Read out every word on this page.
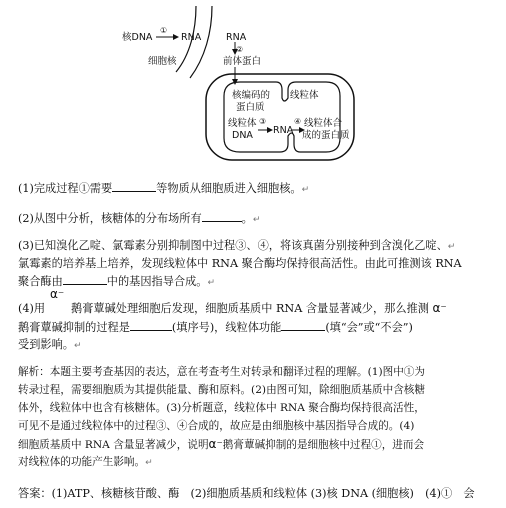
核DNA
①
RNA	RNA
②
细胞核	前体蛋白
核编码的
蛋白质
线粒体
线粒体
DNA
③
RNA
④ 线粒体合
成的蛋白质
(1)完成过程①需要	等物质从细胞质进入细胞核。↵
(2)从图中分析，核糖体的分布场所有	。↵
(3)已知溴化乙啶、氯霉素分别抑制图中过程③、④，将该真菌分别接种到含溴化乙啶、↵
氯霉素的培养基上培养，发现线粒体中 RNA 聚合酶均保持很高活性。由此可推测该 RNA
聚合酶由	中的基因指导合成。↵
α⁻
(4)用 鹅膏蕈碱处理细胞后发现，细胞质基质中 RNA 含量显著减少，那么推测 α⁻
鹅膏蕈碱抑制的过程是	(填序号)，线粒体功能	(填“会”或“不会”)
受到影响。↵
解析：本题主要考查基因的表达，意在考查考生对转录和翻译过程的理解。(1)图中①为
转录过程，需要细胞质为其提供能量、酶和原料。(2)由图可知，除细胞质基质中含核糖
体外，线粒体中也含有核糖体。(3)分析题意，线粒体中 RNA 聚合酶均保持很高活性，
可见不是通过线粒体中的过程③、④合成的，故应是由细胞核中基因指导合成的。(4)
细胞质基质中 RNA 含量显著减少，说明α⁻鹅膏蕈碱抑制的是细胞核中过程①，进而会
对线粒体的功能产生影响。↵
答案：(1)ATP、核糖核苷酸、酶　(2)细胞质基质和线粒体 (3)核 DNA (细胞核)　(4)①　会
